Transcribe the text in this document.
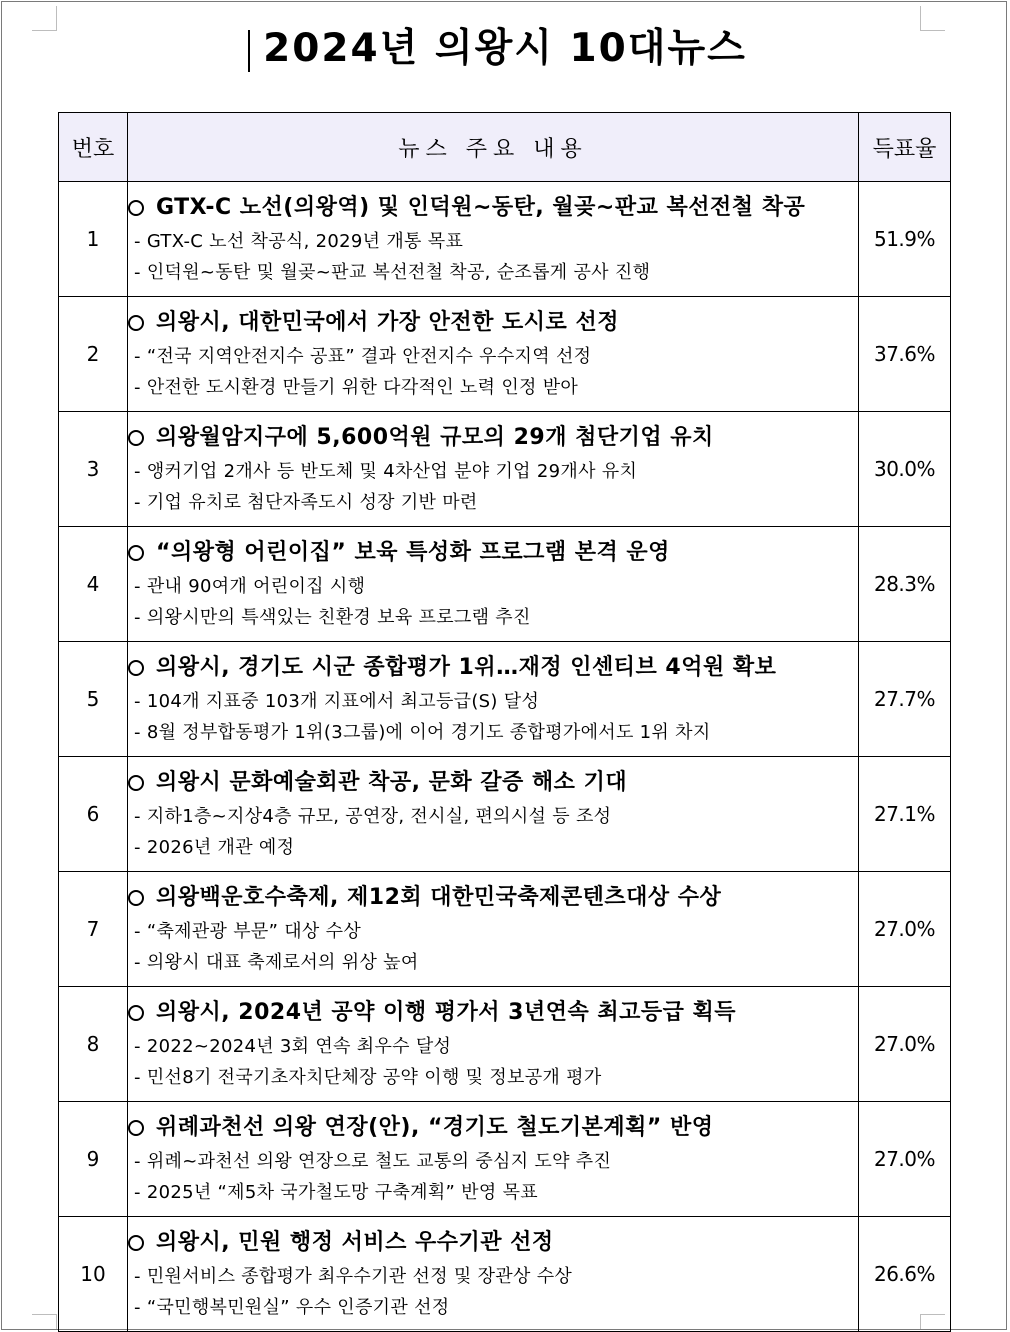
2024년 의왕시 10대뉴스
번호	뉴스 주요 내용	득표율
1	GTX-C 노선(의왕역) 및 인덕원~동탄, 월곶~판교 복선전철 착공
- GTX-C 노선 착공식, 2029년 개통 목표
- 인덕원~동탄 및 월곶~판교 복선전철 착공, 순조롭게 공사 진행	51.9%
2	의왕시, 대한민국에서 가장 안전한 도시로 선정
- “전국 지역안전지수 공표” 결과 안전지수 우수지역 선정
- 안전한 도시환경 만들기 위한 다각적인 노력 인정 받아	37.6%
3	의왕월암지구에 5,600억원 규모의 29개 첨단기업 유치
- 앵커기업 2개사 등 반도체 및 4차산업 분야 기업 29개사 유치
- 기업 유치로 첨단자족도시 성장 기반 마련	30.0%
4	“의왕형 어린이집” 보육 특성화 프로그램 본격 운영
- 관내 90여개 어린이집 시행
- 의왕시만의 특색있는 친환경 보육 프로그램 추진	28.3%
5	의왕시, 경기도 시군 종합평가 1위…재정 인센티브 4억원 확보
- 104개 지표중 103개 지표에서 최고등급(S) 달성
- 8월 정부합동평가 1위(3그룹)에 이어 경기도 종합평가에서도 1위 차지	27.7%
6	의왕시 문화예술회관 착공, 문화 갈증 해소 기대
- 지하1층~지상4층 규모, 공연장, 전시실, 편의시설 등 조성
- 2026년 개관 예정	27.1%
7	의왕백운호수축제, 제12회 대한민국축제콘텐츠대상 수상
- “축제관광 부문” 대상 수상
- 의왕시 대표 축제로서의 위상 높여	27.0%
8	의왕시, 2024년 공약 이행 평가서 3년연속 최고등급 획득
- 2022~2024년 3회 연속 최우수 달성
- 민선8기 전국기초자치단체장 공약 이행 및 정보공개 평가	27.0%
9	위례과천선 의왕 연장(안), “경기도 철도기본계획” 반영
- 위례~과천선 의왕 연장으로 철도 교통의 중심지 도약 추진
- 2025년 “제5차 국가철도망 구축계획” 반영 목표	27.0%
10	의왕시, 민원 행정 서비스 우수기관 선정
- 민원서비스 종합평가 최우수기관 선정 및 장관상 수상
- “국민행복민원실” 우수 인증기관 선정	26.6%
